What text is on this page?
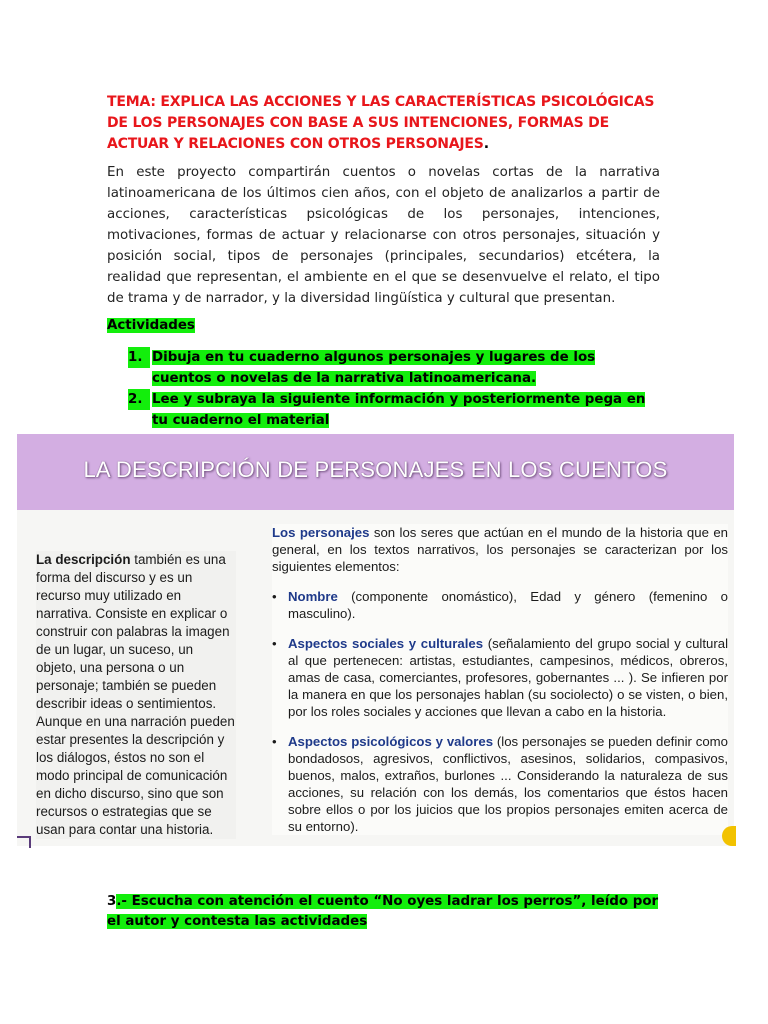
TEMA: EXPLICA LAS ACCIONES Y LAS CARACTERÍSTICAS PSICOLÓGICAS DE LOS PERSONAJES CON BASE A SUS INTENCIONES, FORMAS DE ACTUAR Y RELACIONES CON OTROS PERSONAJES.
En este proyecto compartirán cuentos o novelas cortas de la narrativa latinoamericana de los últimos cien años, con el objeto de analizarlos a partir de acciones, características psicológicas de los personajes, intenciones, motivaciones, formas de actuar y relacionarse con otros personajes, situación y posición social, tipos de personajes (principales, secundarios) etcétera, la realidad que representan, el ambiente en el que se desenvuelve el relato, el tipo de trama y de narrador, y la diversidad lingüística y cultural que presentan.
Actividades
1. Dibuja en tu cuaderno algunos personajes y lugares de los cuentos o novelas de la narrativa latinoamericana.
2. Lee y subraya la siguiente información y posteriormente pega en tu cuaderno el material
LA DESCRIPCIÓN DE PERSONAJES EN LOS CUENTOS
La descripción también es una forma del discurso y es un recurso muy utilizado en narrativa. Consiste en explicar o construir con palabras la imagen de un lugar, un suceso, un objeto, una persona o un personaje; también se pueden describir ideas o sentimientos. Aunque en una narración pueden estar presentes la descripción y los diálogos, éstos no son el modo principal de comunicación en dicho discurso, sino que son recursos o estrategias que se usan para contar una historia.
Los personajes son los seres que actúan en el mundo de la historia que en general, en los textos narrativos, los personajes se caracterizan por los siguientes elementos:
• Nombre (componente onomástico), Edad y género (femenino o masculino).
• Aspectos sociales y culturales (señalamiento del grupo social y cultural al que pertenecen: artistas, estudiantes, campesinos, médicos, obreros, amas de casa, comerciantes, profesores, gobernantes ... ). Se infieren por la manera en que los personajes hablan (su sociolecto) o se visten, o bien, por los roles sociales y acciones que llevan a cabo en la historia.
• Aspectos psicológicos y valores (los personajes se pueden definir como bondadosos, agresivos, conflictivos, asesinos, solidarios, compasivos, buenos, malos, extraños, burlones ... Considerando la naturaleza de sus acciones, su relación con los demás, los comentarios que éstos hacen sobre ellos o por los juicios que los propios personajes emiten acerca de su entorno).
3.- Escucha con atención el cuento “No oyes ladrar los perros”, leído por el autor y contesta las actividades
